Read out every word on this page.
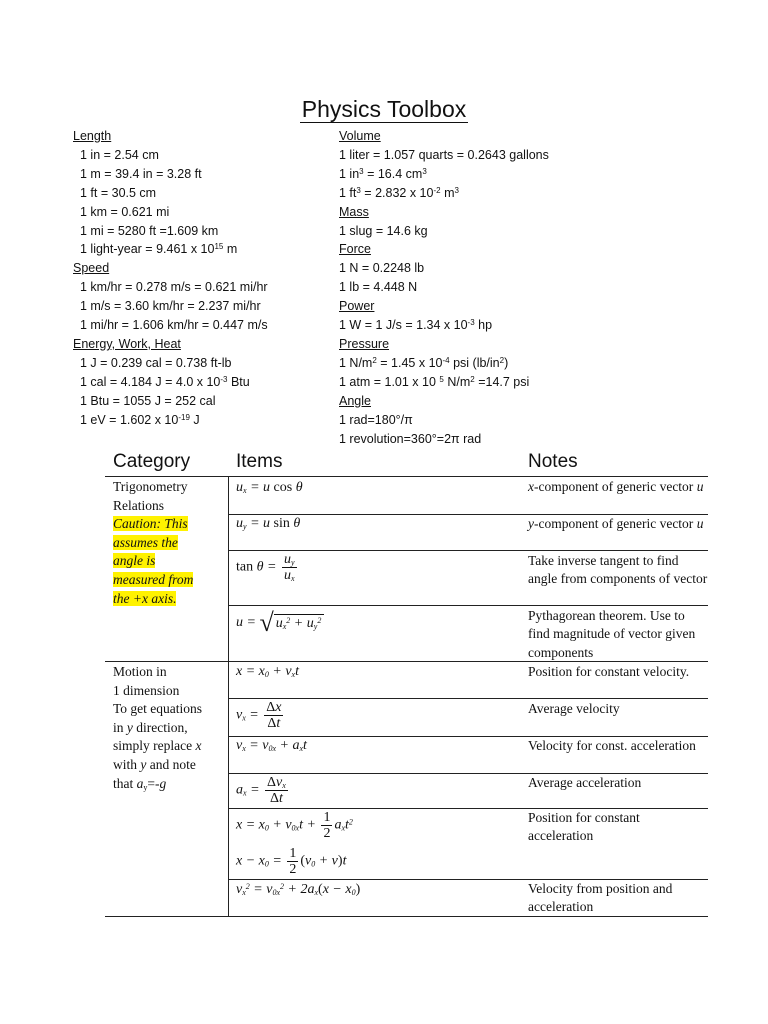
Physics Toolbox
Length
1 in = 2.54 cm
1 m = 39.4 in = 3.28 ft
1 ft = 30.5 cm
1 km = 0.621 mi
1 mi = 5280 ft =1.609 km
1 light-year = 9.461 x $10^{15}$ m
Speed
1 km/hr = 0.278 m/s = 0.621 mi/hr
1 m/s = 3.60 km/hr = 2.237 mi/hr
1 mi/hr = 1.606 km/hr = 0.447 m/s
Energy, Work, Heat
1 J = 0.239 cal = 0.738 ft-lb
1 cal = 4.184 J = 4.0 x $10^{-3}$ Btu
1 Btu = 1055 J = 252 cal
1 eV = 1.602 x $10^{-19}$ J
Volume
1 liter = 1.057 quarts = 0.2643 gallons
1 $in^3 = 16.4$ $cm^3$
1 $ft^3 = 2.832$ x $10^{-2}$ $m^3$
Mass
1 slug = 14.6 kg
Force
1 N = 0.2248 lb
1 lb = 4.448 N
Power
1 W = 1 J/s = 1.34 x $10^{-3}$ hp
Pressure
1 $N/m^2 = 1.45$ x $10^{-4}$ psi $(lb/in^2)$
1 atm = 1.01 x 10 $^5$ $N/m^2 =14.7$ psi
Angle
1 rad=180°/π
1 revolution=360°=2π rad
Category Items	Notes
Trigonometry
Relations
Caution: This
assumes the
angle is
measured from
the +x axis.
$u_x = u$ cos θ
$u_y = u$ sin θ
$\tan \theta = \frac{u_y}{u_x}$
u = √ $u_x^2 + u_y^2$
x-component of generic vector u
y-component of generic vector u
Take inverse tangent to find angle from components of vector
Pythagorean theorem. Use to find magnitude of vector given components
Motion in
1 dimension
To get equations
in y direction,
simply replace x
with y and note
that $a_y=-g$
$x = x_0 + v_xt$
$v_x = \frac{\Delta x}{\Delta t}$
$v_x = v_{0x} + a_xt$
$a_x = \frac{\Delta v_x}{\Delta t}$
$x = x_0 + v_{0x}t + \frac{1}{2} a_xt^2$
$x - x_0 = \frac{1}{2} (v_0 + v)t$
$v_x^2 = v_{0x}^2 + 2a_x(x - x_0)$
Position for constant velocity.
Average velocity
Velocity for const. acceleration
Average acceleration
Position for constant acceleration
Velocity from position and acceleration
